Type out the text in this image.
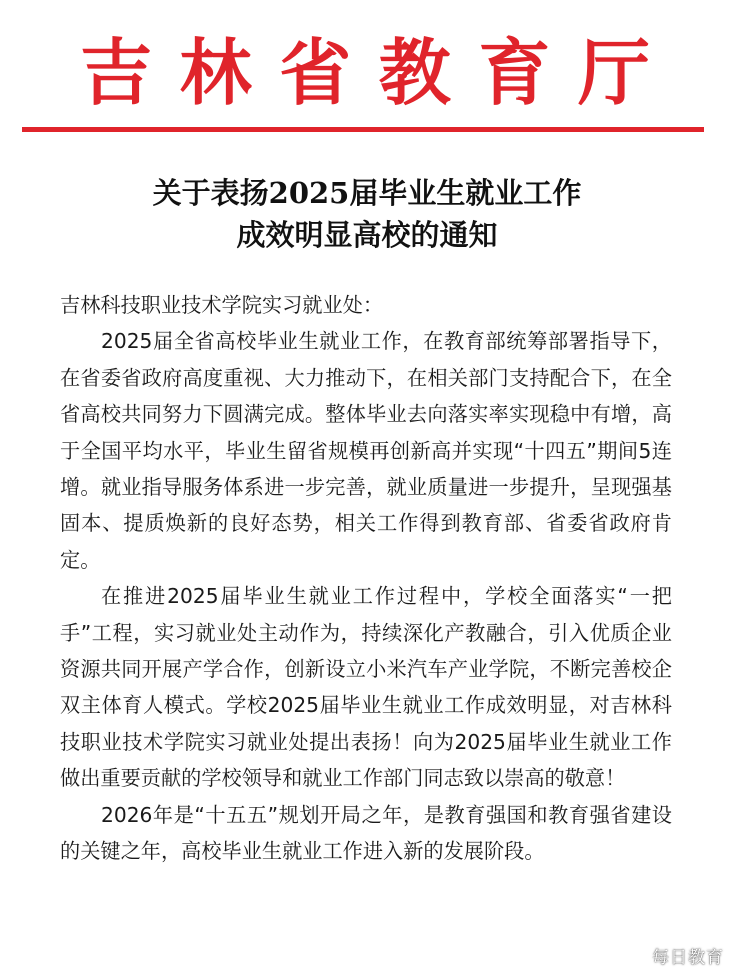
吉 林 省 教 育 厅
关于表扬2025届毕业生就业工作
成效明显高校的通知

吉林科技职业技术学院实习就业处：

2025届全省高校毕业生就业工作，在教育部统筹部署指导下，在省委省政府高度重视、大力推动下，在相关部门支持配合下，在全省高校共同努力下圆满完成。整体毕业去向落实率实现稳中有增，高于全国平均水平，毕业生留省规模再创新高并实现“十四五”期间5连增。就业指导服务体系进一步完善，就业质量进一步提升，呈现强基固本、提质焕新的良好态势，相关工作得到教育部、省委省政府肯定。

在推进2025届毕业生就业工作过程中，学校全面落实“一把手”工程，实习就业处主动作为，持续深化产教融合，引入优质企业资源共同开展产学合作，创新设立小米汽车产业学院，不断完善校企双主体育人模式。学校2025届毕业生就业工作成效明显，对吉林科技职业技术学院实习就业处提出表扬！向为2025届毕业生就业工作做出重要贡献的学校领导和就业工作部门同志致以崇高的敬意！

2026年是“十五五”规划开局之年，是教育强国和教育强省建设的关键之年，高校毕业生就业工作进入新的发展阶段。

每日教育
